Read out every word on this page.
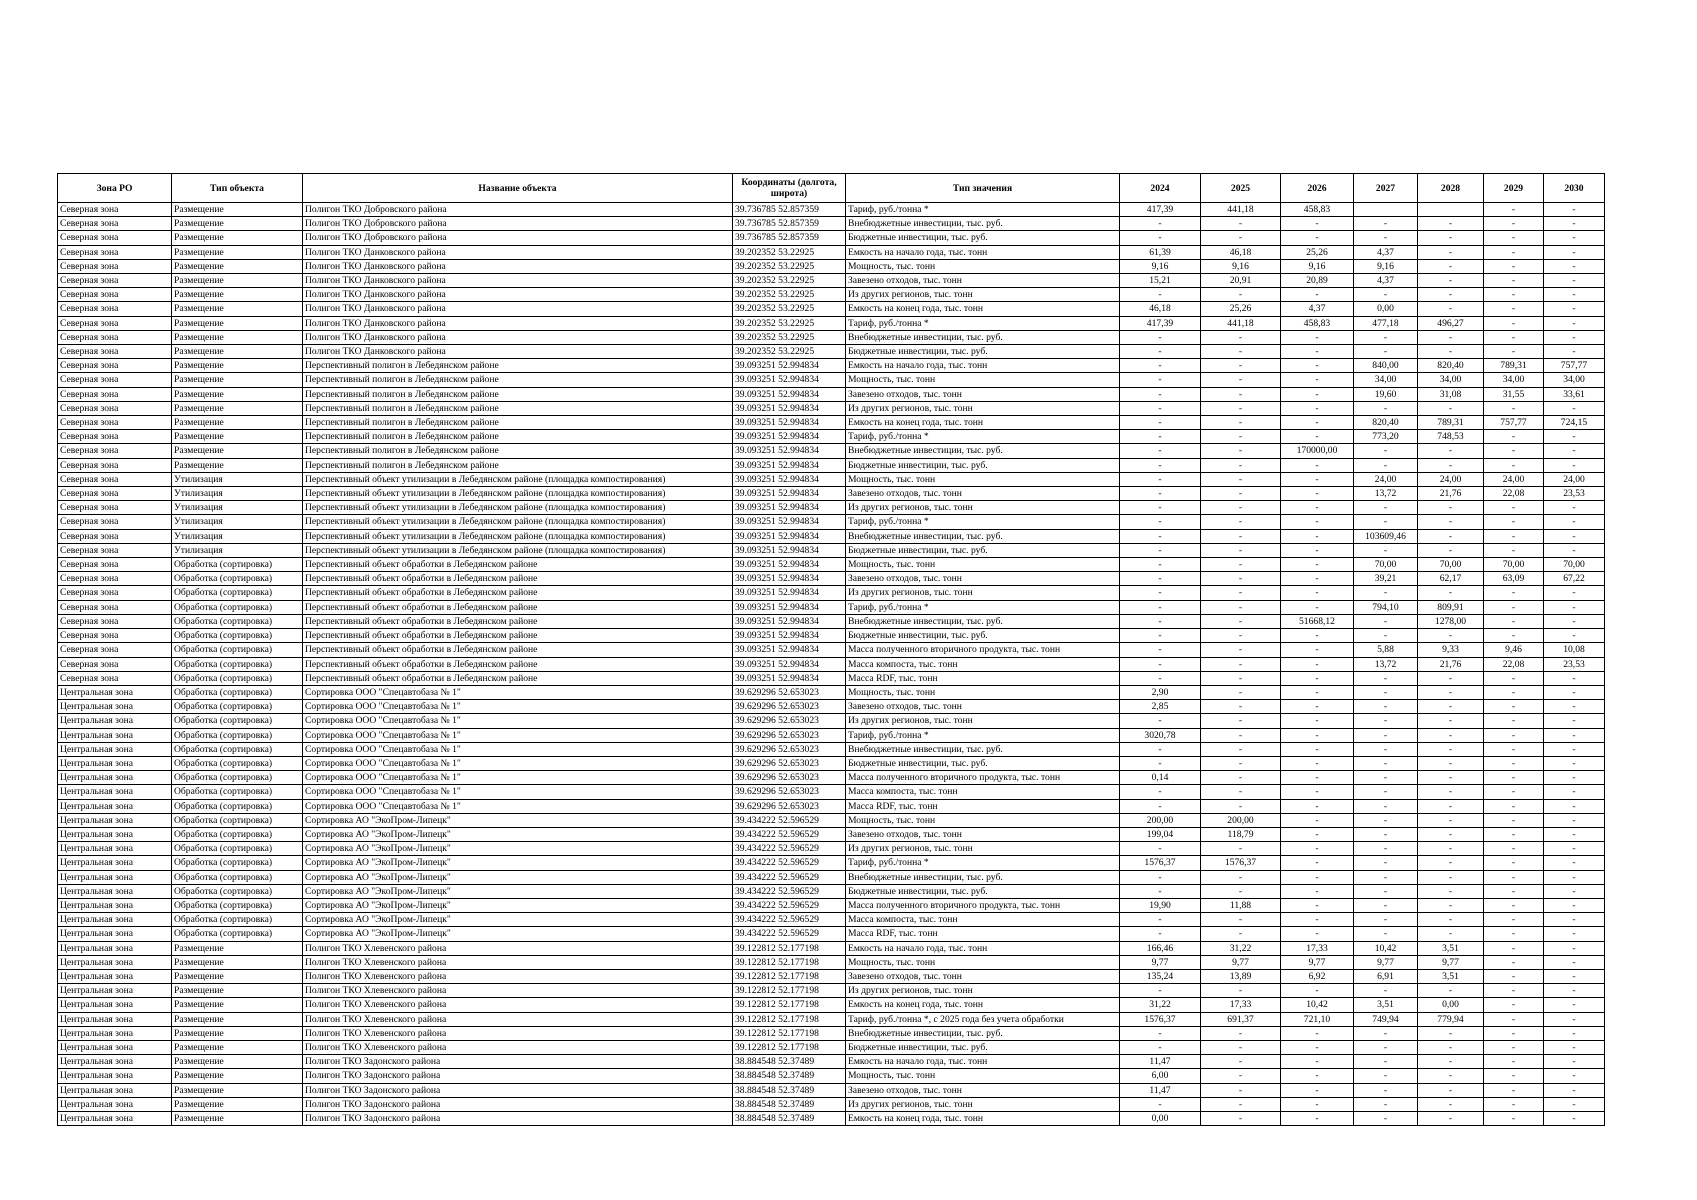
Зона РО	Тип объекта	Название объекта	Координаты (долгота, широта)	Тип значения	2024	2025	2026	2027	2028	2029	2030
Северная зона	Размещение	Полигон ТКО Добровского района	39.736785 52.857359	Тариф, руб./тонна *	417,39	441,18	458,83			-	-
Северная зона	Размещение	Полигон ТКО Добровского района	39.736785 52.857359	Внебюджетные инвестиции, тыс. руб.	-	-	-	-	-	-	-
Северная зона	Размещение	Полигон ТКО Добровского района	39.736785 52.857359	Бюджетные инвестиции, тыс. руб.	-	-	-	-	-	-	-
Северная зона	Размещение	Полигон ТКО Данковского района	39.202352 53.22925	Емкость на начало года, тыс. тонн	61,39	46,18	25,26	4,37	-	-	-
Северная зона	Размещение	Полигон ТКО Данковского района	39.202352 53.22925	Мощность, тыс. тонн	9,16	9,16	9,16	9,16	-	-	-
Северная зона	Размещение	Полигон ТКО Данковского района	39.202352 53.22925	Завезено отходов, тыс. тонн	15,21	20,91	20,89	4,37	-	-	-
Северная зона	Размещение	Полигон ТКО Данковского района	39.202352 53.22925	Из других регионов, тыс. тонн	-	-	-	-	-	-	-
Северная зона	Размещение	Полигон ТКО Данковского района	39.202352 53.22925	Емкость на конец года, тыс. тонн	46,18	25,26	4,37	0,00	-	-	-
Северная зона	Размещение	Полигон ТКО Данковского района	39.202352 53.22925	Тариф, руб./тонна *	417,39	441,18	458,83	477,18	496,27	-	-
Северная зона	Размещение	Полигон ТКО Данковского района	39.202352 53.22925	Внебюджетные инвестиции, тыс. руб.	-	-	-	-	-	-	-
Северная зона	Размещение	Полигон ТКО Данковского района	39.202352 53.22925	Бюджетные инвестиции, тыс. руб.	-	-	-	-	-	-	-
Северная зона	Размещение	Перспективный полигон в Лебедянском районе	39.093251 52.994834	Емкость на начало года, тыс. тонн	-	-	-	840,00	820,40	789,31	757,77
Северная зона	Размещение	Перспективный полигон в Лебедянском районе	39.093251 52.994834	Мощность, тыс. тонн	-	-	-	34,00	34,00	34,00	34,00
Северная зона	Размещение	Перспективный полигон в Лебедянском районе	39.093251 52.994834	Завезено отходов, тыс. тонн	-	-	-	19,60	31,08	31,55	33,61
Северная зона	Размещение	Перспективный полигон в Лебедянском районе	39.093251 52.994834	Из других регионов, тыс. тонн	-	-	-	-	-	-	-
Северная зона	Размещение	Перспективный полигон в Лебедянском районе	39.093251 52.994834	Емкость на конец года, тыс. тонн	-	-	-	820,40	789,31	757,77	724,15
Северная зона	Размещение	Перспективный полигон в Лебедянском районе	39.093251 52.994834	Тариф, руб./тонна *	-	-	-	773,20	748,53	-	-
Северная зона	Размещение	Перспективный полигон в Лебедянском районе	39.093251 52.994834	Внебюджетные инвестиции, тыс. руб.	-	-	170000,00	-	-	-	-
Северная зона	Размещение	Перспективный полигон в Лебедянском районе	39.093251 52.994834	Бюджетные инвестиции, тыс. руб.	-	-	-	-	-	-	-
Северная зона	Утилизация	Перспективный объект утилизации в Лебедянском районе (площадка компостирования)	39.093251 52.994834	Мощность, тыс. тонн	-	-	-	24,00	24,00	24,00	24,00
Северная зона	Утилизация	Перспективный объект утилизации в Лебедянском районе (площадка компостирования)	39.093251 52.994834	Завезено отходов, тыс. тонн	-	-	-	13,72	21,76	22,08	23,53
Северная зона	Утилизация	Перспективный объект утилизации в Лебедянском районе (площадка компостирования)	39.093251 52.994834	Из других регионов, тыс. тонн	-	-	-	-	-	-	-
Северная зона	Утилизация	Перспективный объект утилизации в Лебедянском районе (площадка компостирования)	39.093251 52.994834	Тариф, руб./тонна *	-	-	-	-	-	-	-
Северная зона	Утилизация	Перспективный объект утилизации в Лебедянском районе (площадка компостирования)	39.093251 52.994834	Внебюджетные инвестиции, тыс. руб.	-	-	-	103609,46	-	-	-
Северная зона	Утилизация	Перспективный объект утилизации в Лебедянском районе (площадка компостирования)	39.093251 52.994834	Бюджетные инвестиции, тыс. руб.	-	-	-	-	-	-	-
Северная зона	Обработка (сортировка)	Перспективный объект обработки в Лебедянском районе	39.093251 52.994834	Мощность, тыс. тонн	-	-	-	70,00	70,00	70,00	70,00
Северная зона	Обработка (сортировка)	Перспективный объект обработки в Лебедянском районе	39.093251 52.994834	Завезено отходов, тыс. тонн	-	-	-	39,21	62,17	63,09	67,22
Северная зона	Обработка (сортировка)	Перспективный объект обработки в Лебедянском районе	39.093251 52.994834	Из других регионов, тыс. тонн	-	-	-	-	-	-	-
Северная зона	Обработка (сортировка)	Перспективный объект обработки в Лебедянском районе	39.093251 52.994834	Тариф, руб./тонна *	-	-	-	794,10	809,91	-	-
Северная зона	Обработка (сортировка)	Перспективный объект обработки в Лебедянском районе	39.093251 52.994834	Внебюджетные инвестиции, тыс. руб.	-	-	51668,12	-	1278,00	-	-
Северная зона	Обработка (сортировка)	Перспективный объект обработки в Лебедянском районе	39.093251 52.994834	Бюджетные инвестиции, тыс. руб.	-	-	-	-	-	-	-
Северная зона	Обработка (сортировка)	Перспективный объект обработки в Лебедянском районе	39.093251 52.994834	Масса полученного вторичного продукта, тыс. тонн	-	-	-	5,88	9,33	9,46	10,08
Северная зона	Обработка (сортировка)	Перспективный объект обработки в Лебедянском районе	39.093251 52.994834	Масса компоста, тыс. тонн	-	-	-	13,72	21,76	22,08	23,53
Северная зона	Обработка (сортировка)	Перспективный объект обработки в Лебедянском районе	39.093251 52.994834	Масса RDF, тыс. тонн	-	-	-	-	-	-	-
Центральная зона	Обработка (сортировка)	Сортировка ООО "Спецавтобаза № 1"	39.629296 52.653023	Мощность, тыс. тонн	2,90	-	-	-	-	-	-
Центральная зона	Обработка (сортировка)	Сортировка ООО "Спецавтобаза № 1"	39.629296 52.653023	Завезено отходов, тыс. тонн	2,85	-	-	-	-	-	-
Центральная зона	Обработка (сортировка)	Сортировка ООО "Спецавтобаза № 1"	39.629296 52.653023	Из других регионов, тыс. тонн	-	-	-	-	-	-	-
Центральная зона	Обработка (сортировка)	Сортировка ООО "Спецавтобаза № 1"	39.629296 52.653023	Тариф, руб./тонна *	3020,78	-	-	-	-	-	-
Центральная зона	Обработка (сортировка)	Сортировка ООО "Спецавтобаза № 1"	39.629296 52.653023	Внебюджетные инвестиции, тыс. руб.	-	-	-	-	-	-	-
Центральная зона	Обработка (сортировка)	Сортировка ООО "Спецавтобаза № 1"	39.629296 52.653023	Бюджетные инвестиции, тыс. руб.	-	-	-	-	-	-	-
Центральная зона	Обработка (сортировка)	Сортировка ООО "Спецавтобаза № 1"	39.629296 52.653023	Масса полученного вторичного продукта, тыс. тонн	0,14	-	-	-	-	-	-
Центральная зона	Обработка (сортировка)	Сортировка ООО "Спецавтобаза № 1"	39.629296 52.653023	Масса компоста, тыс. тонн	-	-	-	-	-	-	-
Центральная зона	Обработка (сортировка)	Сортировка ООО "Спецавтобаза № 1"	39.629296 52.653023	Масса RDF, тыс. тонн	-	-	-	-	-	-	-
Центральная зона	Обработка (сортировка)	Сортировка АО "ЭкоПром-Липецк"	39.434222 52.596529	Мощность, тыс. тонн	200,00	200,00	-	-	-	-	-
Центральная зона	Обработка (сортировка)	Сортировка АО "ЭкоПром-Липецк"	39.434222 52.596529	Завезено отходов, тыс. тонн	199,04	118,79	-	-	-	-	-
Центральная зона	Обработка (сортировка)	Сортировка АО "ЭкоПром-Липецк"	39.434222 52.596529	Из других регионов, тыс. тонн	-	-	-	-	-	-	-
Центральная зона	Обработка (сортировка)	Сортировка АО "ЭкоПром-Липецк"	39.434222 52.596529	Тариф, руб./тонна *	1576,37	1576,37	-	-	-	-	-
Центральная зона	Обработка (сортировка)	Сортировка АО "ЭкоПром-Липецк"	39.434222 52.596529	Внебюджетные инвестиции, тыс. руб.	-	-	-	-	-	-	-
Центральная зона	Обработка (сортировка)	Сортировка АО "ЭкоПром-Липецк"	39.434222 52.596529	Бюджетные инвестиции, тыс. руб.	-	-	-	-	-	-	-
Центральная зона	Обработка (сортировка)	Сортировка АО "ЭкоПром-Липецк"	39.434222 52.596529	Масса полученного вторичного продукта, тыс. тонн	19,90	11,88	-	-	-	-	-
Центральная зона	Обработка (сортировка)	Сортировка АО "ЭкоПром-Липецк"	39.434222 52.596529	Масса компоста, тыс. тонн	-	-	-	-	-	-	-
Центральная зона	Обработка (сортировка)	Сортировка АО "ЭкоПром-Липецк"	39.434222 52.596529	Масса RDF, тыс. тонн	-	-	-	-	-	-	-
Центральная зона	Размещение	Полигон ТКО Хлевенского района	39.122812 52.177198	Емкость на начало года, тыс. тонн	166,46	31,22	17,33	10,42	3,51	-	-
Центральная зона	Размещение	Полигон ТКО Хлевенского района	39.122812 52.177198	Мощность, тыс. тонн	9,77	9,77	9,77	9,77	9,77	-	-
Центральная зона	Размещение	Полигон ТКО Хлевенского района	39.122812 52.177198	Завезено отходов, тыс. тонн	135,24	13,89	6,92	6,91	3,51	-	-
Центральная зона	Размещение	Полигон ТКО Хлевенского района	39.122812 52.177198	Из других регионов, тыс. тонн	-	-	-	-	-	-	-
Центральная зона	Размещение	Полигон ТКО Хлевенского района	39.122812 52.177198	Емкость на конец года, тыс. тонн	31,22	17,33	10,42	3,51	0,00	-	-
Центральная зона	Размещение	Полигон ТКО Хлевенского района	39.122812 52.177198	Тариф, руб./тонна *, с 2025 года без учета обработки	1576,37	691,37	721,10	749,94	779,94	-	-
Центральная зона	Размещение	Полигон ТКО Хлевенского района	39.122812 52.177198	Внебюджетные инвестиции, тыс. руб.	-	-	-	-	-	-	-
Центральная зона	Размещение	Полигон ТКО Хлевенского района	39.122812 52.177198	Бюджетные инвестиции, тыс. руб.	-	-	-	-	-	-	-
Центральная зона	Размещение	Полигон ТКО Задонского района	38.884548 52.37489	Емкость на начало года, тыс. тонн	11,47	-	-	-	-	-	-
Центральная зона	Размещение	Полигон ТКО Задонского района	38.884548 52.37489	Мощность, тыс. тонн	6,00	-	-	-	-	-	-
Центральная зона	Размещение	Полигон ТКО Задонского района	38.884548 52.37489	Завезено отходов, тыс. тонн	11,47	-	-	-	-	-	-
Центральная зона	Размещение	Полигон ТКО Задонского района	38.884548 52.37489	Из других регионов, тыс. тонн	-	-	-	-	-	-	-
Центральная зона	Размещение	Полигон ТКО Задонского района	38.884548 52.37489	Емкость на конец года, тыс. тонн	0,00	-	-	-	-	-	-
